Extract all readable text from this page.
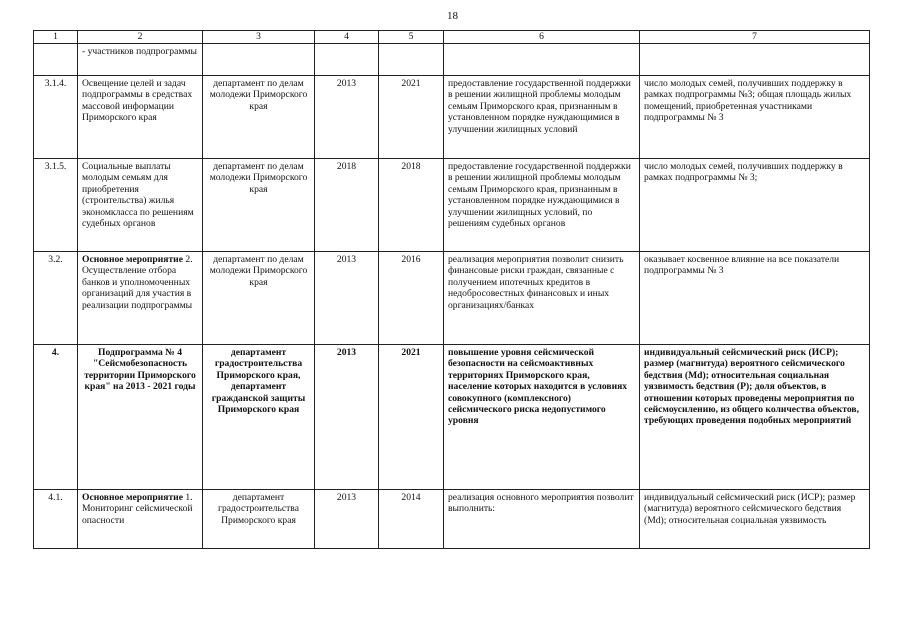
18
1	2	3	4	5	6	7
	- участников подпрограммы					
3.1.4.	Освещение целей и задач подпрограммы в средствах массовой информации Приморского края	департамент по делам молодежи Приморского края	2013	2021	предоставление государственной поддержки в решении жилищной проблемы молодым семьям Приморского края, признанным в установленном порядке нуждающимися в улучшении жилищных условий	число молодых семей, получивших поддержку в рамках подпрограммы №3; общая площадь жилых помещений, приобретенная участниками подпрограммы № 3
3.1.5.	Социальные выплаты молодым семьям для приобретения (строительства) жилья экономкласса по решениям судебных органов	департамент по делам молодежи Приморского края	2018	2018	предоставление государственной поддержки в решении жилищной проблемы молодым семьям Приморского края, признанным в установленном порядке нуждающимися в улучшении жилищных условий, по решениям судебных органов	число молодых семей, получивших поддержку в рамках подпрограммы № 3;
3.2.	Основное мероприятие 2. Осуществление отбора банков и уполномоченных организаций для участия в реализации подпрограммы	департамент по делам молодежи Приморского края	2013	2016	реализация мероприятия позволит снизить финансовые риски граждан, связанные с получением ипотечных кредитов в недобросовестных финансовых и иных организациях/банках	оказывает косвенное влияние на все показатели подпрограммы № 3
4.	Подпрограмма № 4 "Сейсмобезопасность территории Приморского края" на 2013 - 2021 годы	департамент градостроительства Приморского края, департамент гражданской защиты Приморского края	2013	2021	повышение уровня сейсмической безопасности на сейсмоактивных территориях Приморского края, население которых находится в условиях совокупного (комплексного) сейсмического риска недопустимого уровня	индивидуальный сейсмический риск (ИСР); размер (магнитуда) вероятного сейсмического бедствия (Md); относительная социальная уязвимость бедствия (Р); доля объектов, в отношении которых проведены мероприятия по сейсмоусилению, из общего количества объектов, требующих проведения подобных мероприятий
4.1.	Основное мероприятие 1. Мониторинг сейсмической опасности	департамент градостроительства Приморского края	2013	2014	реализация основного мероприятия позволит выполнить:	индивидуальный сейсмический риск (ИСР); размер (магнитуда) вероятного сейсмического бедствия (Md); относительная социальная уязвимость
